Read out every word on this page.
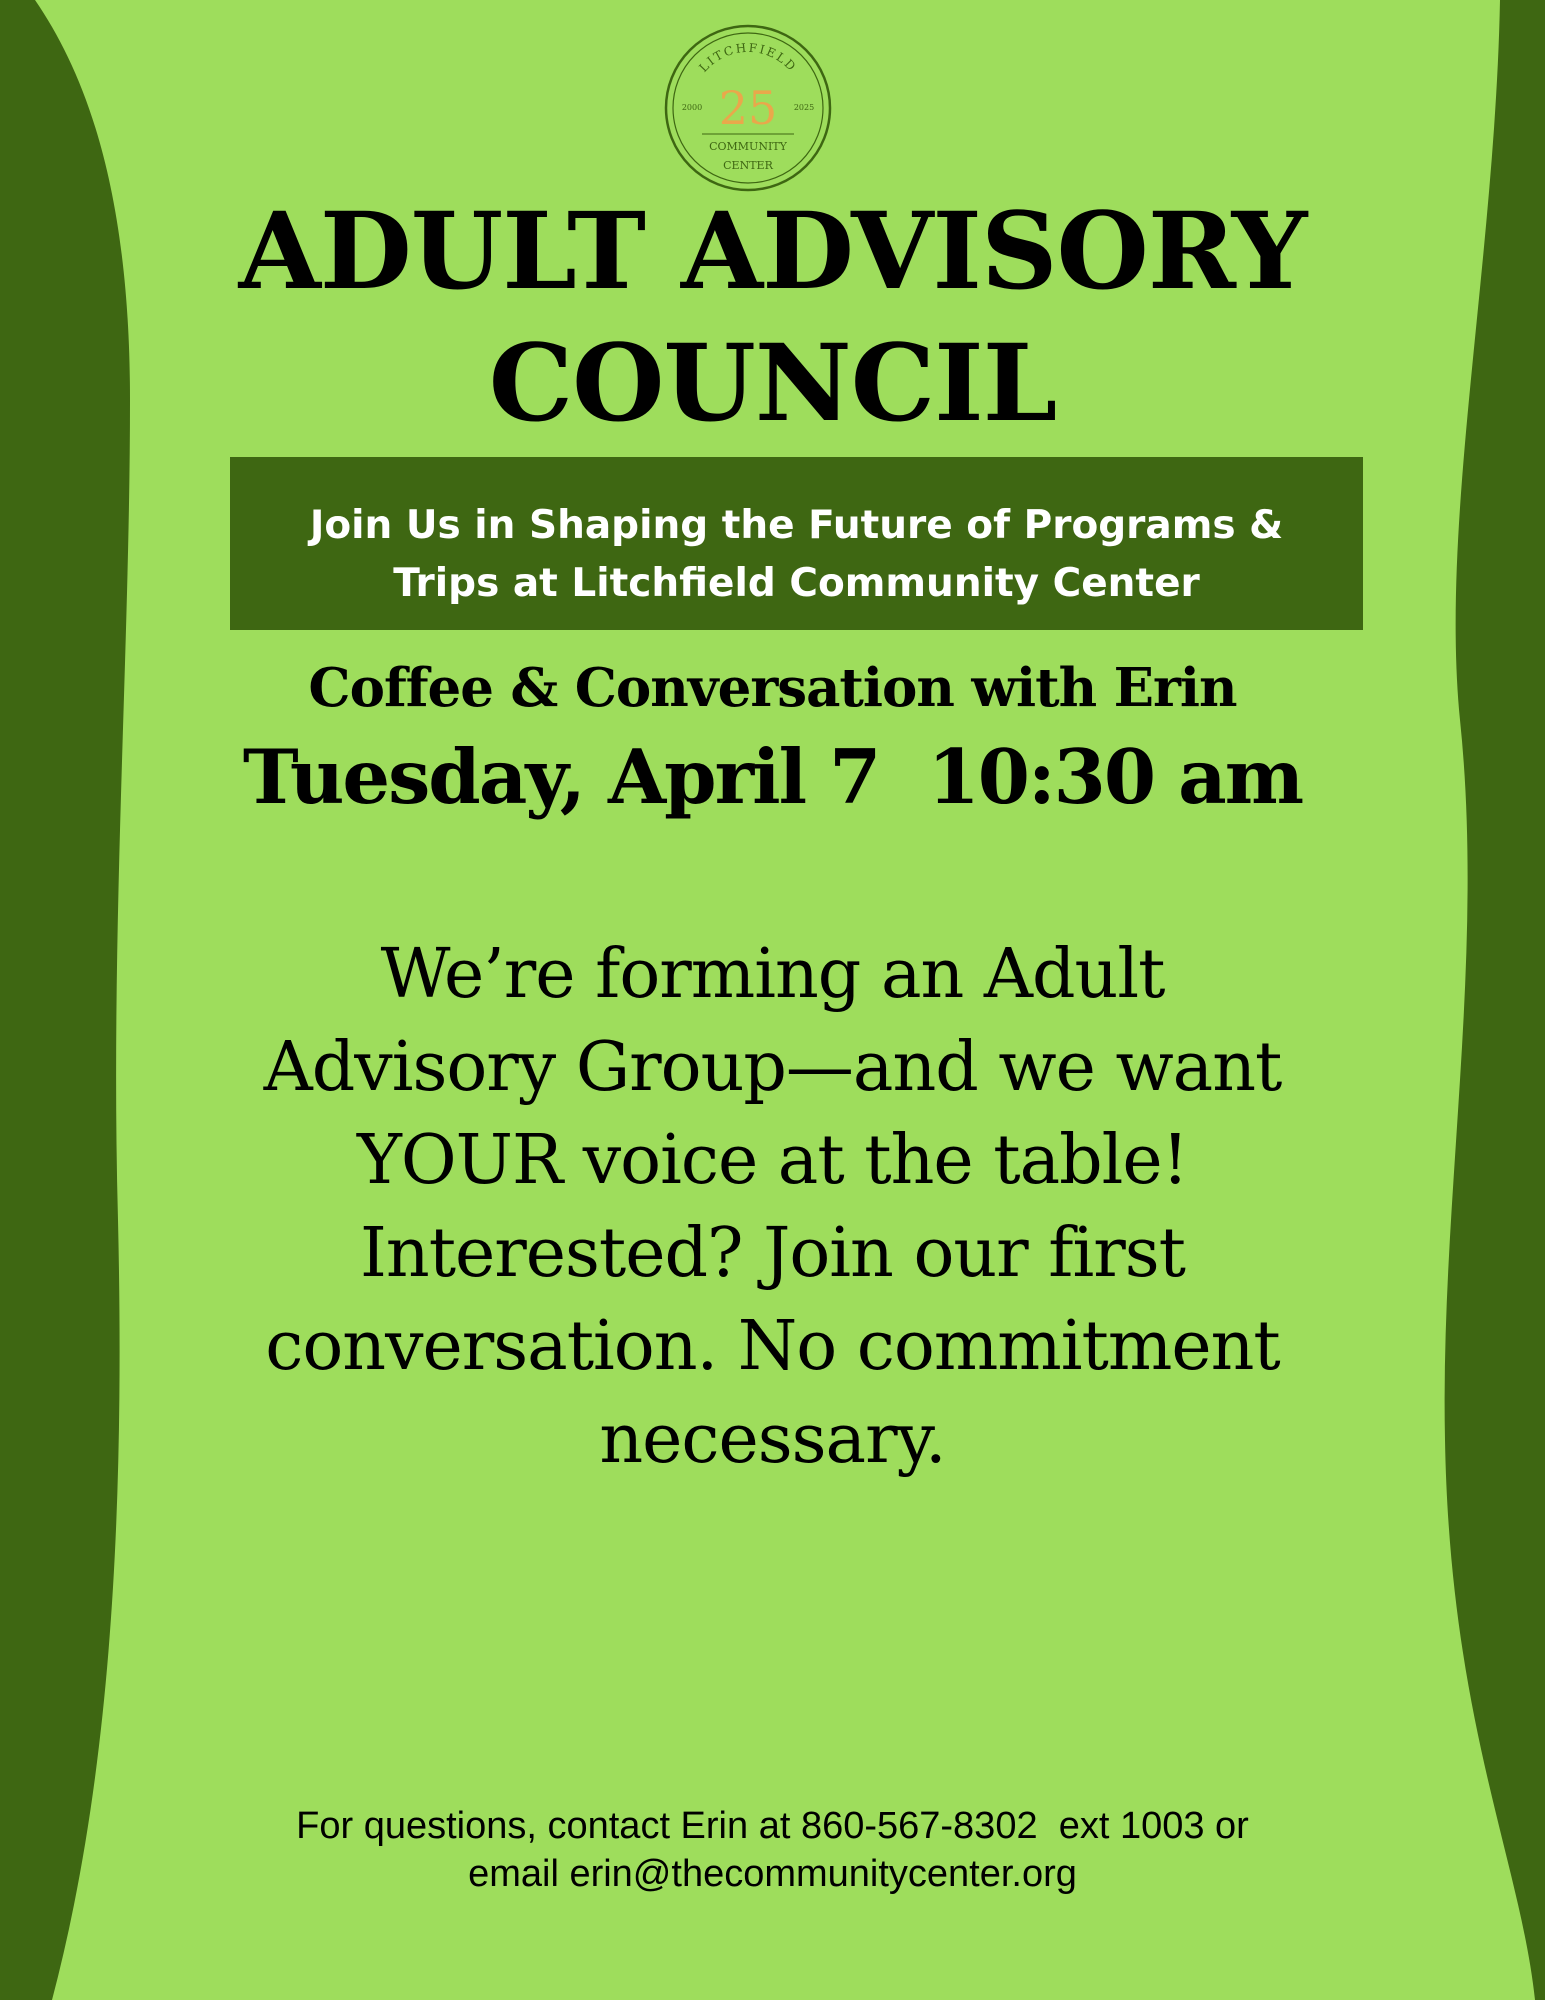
LITCHFIELD
25
2000	2025
COMMUNITY
CENTER
ADULT ADVISORY
COUNCIL
Join Us in Shaping the Future of Programs &
Trips at Litchfield Community Center
Coffee & Conversation with Erin
Tuesday, April 7  10:30 am
We’re forming an Adult
Advisory Group—and we want
YOUR voice at the table!
Interested? Join our first
conversation. No commitment
necessary.
For questions, contact Erin at 860-567-8302  ext 1003 or
email erin@thecommunitycenter.org
